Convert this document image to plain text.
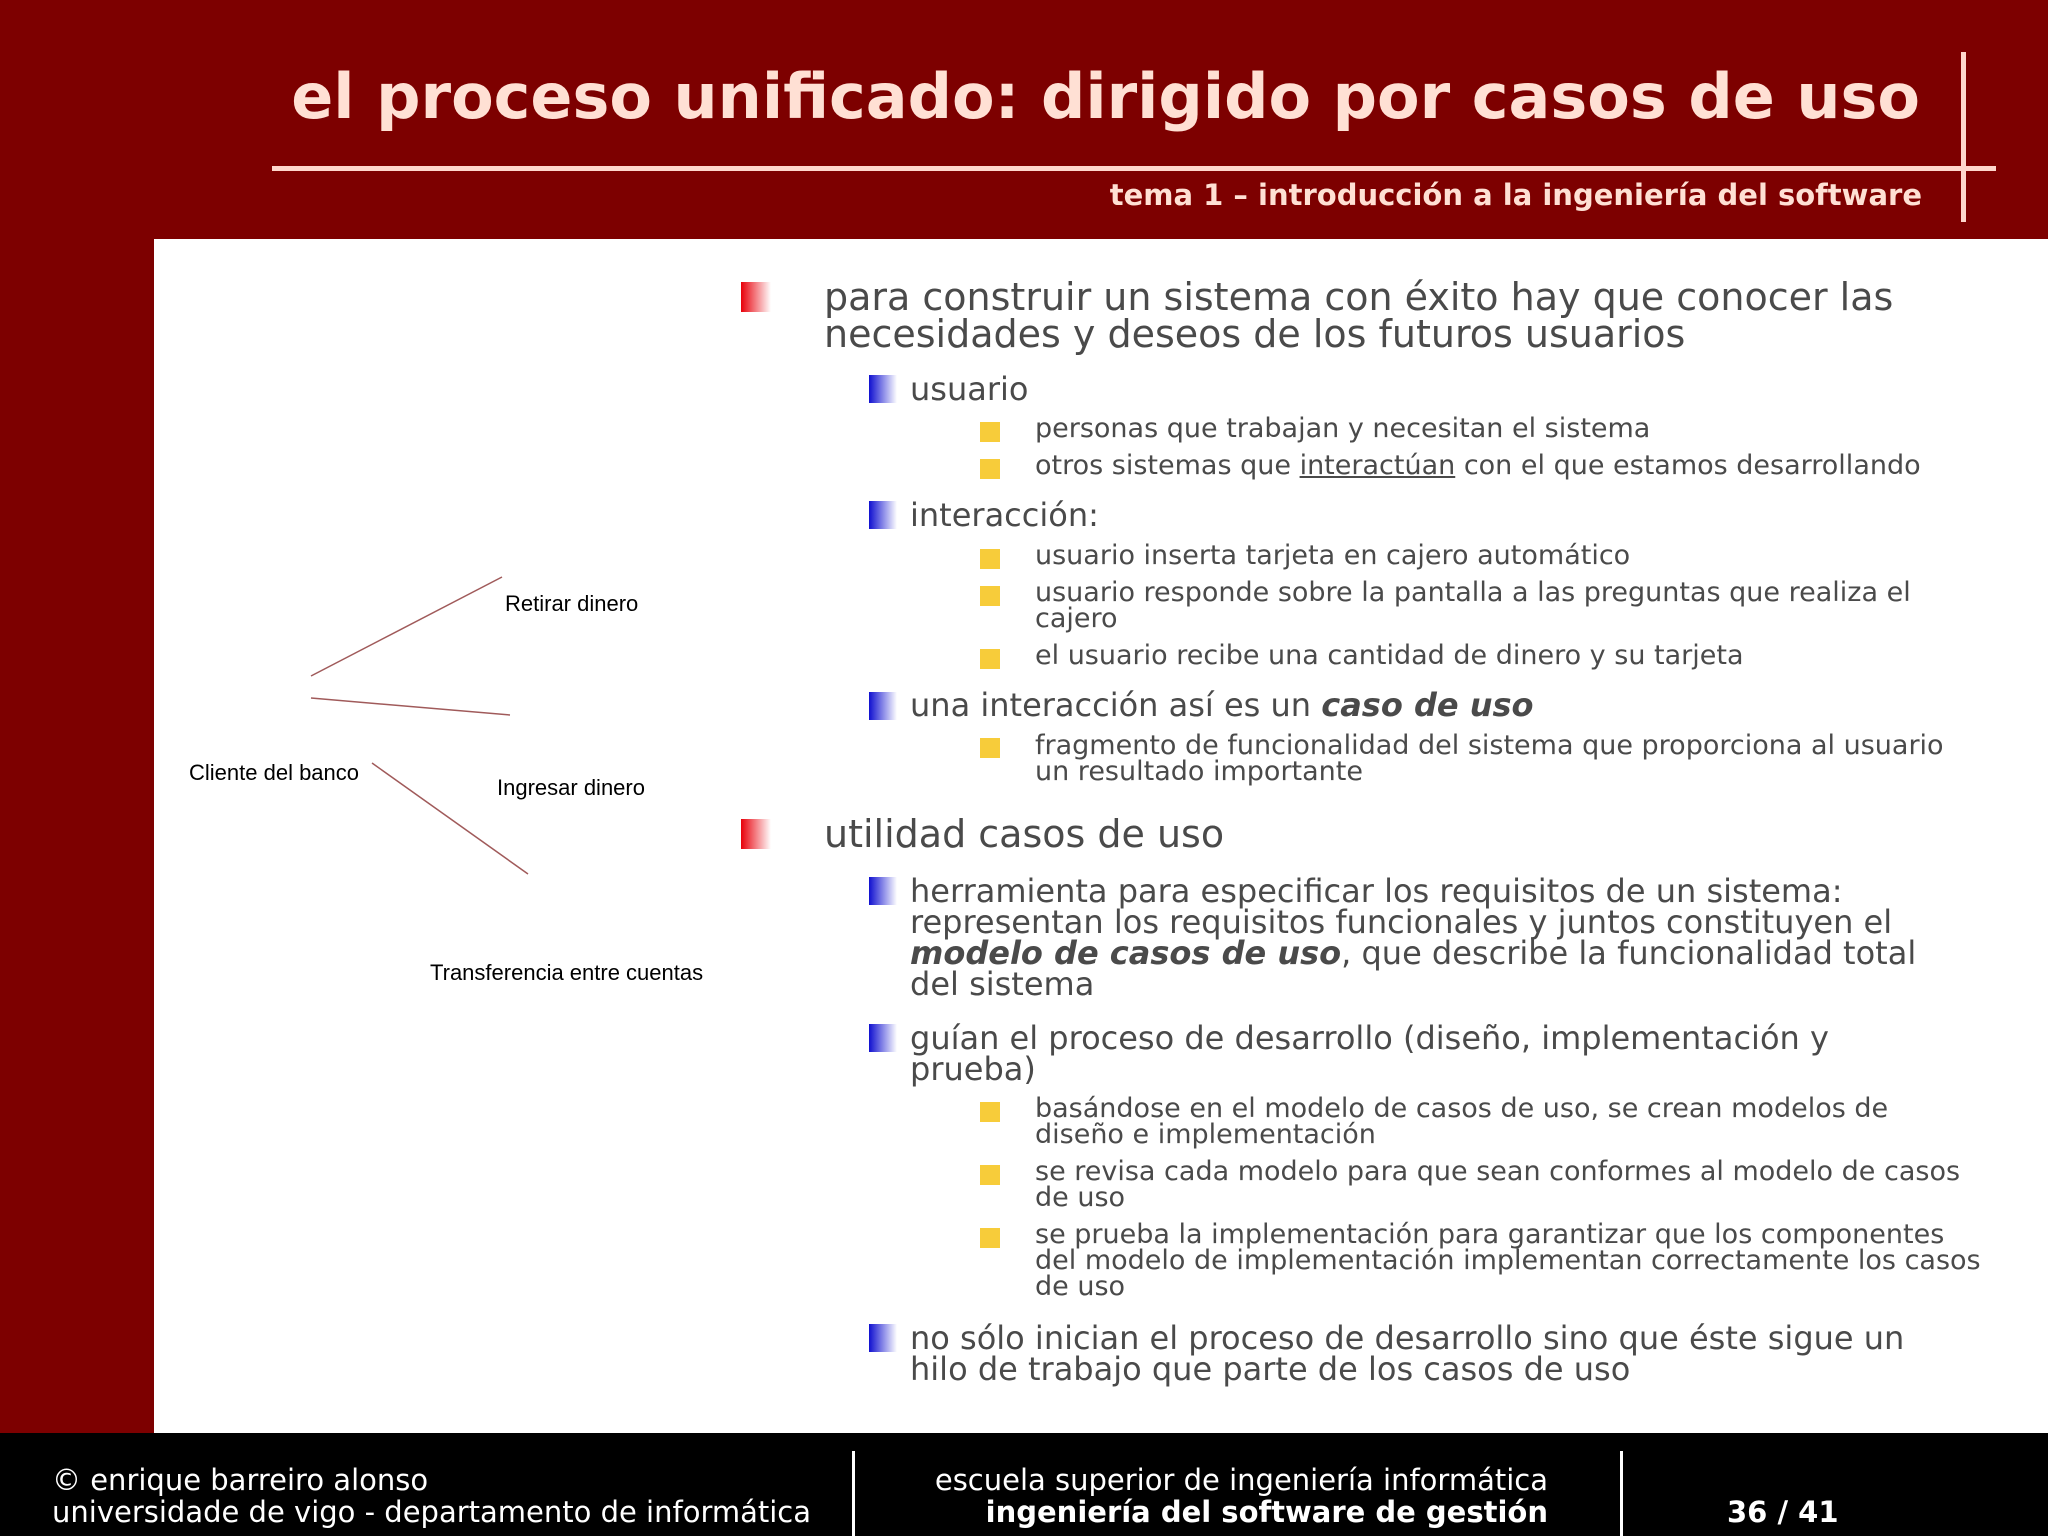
el proceso unificado: dirigido por casos de uso
tema 1 – introducción a la ingeniería del software
Cliente del banco
Retirar dinero
Ingresar dinero
Transferencia entre cuentas
para construir un sistema con éxito hay que conocer las
necesidades y deseos de los futuros usuarios
usuario
personas que trabajan y necesitan el sistema
otros sistemas que interactúan con el que estamos desarrollando
interacción:
usuario inserta tarjeta en cajero automático
usuario responde sobre la pantalla a las preguntas que realiza el
cajero
el usuario recibe una cantidad de dinero y su tarjeta
una interacción así es un caso de uso
fragmento de funcionalidad del sistema que proporciona al usuario
un resultado importante
utilidad casos de uso
herramienta para especificar los requisitos de un sistema:
representan los requisitos funcionales y juntos constituyen el
modelo de casos de uso, que describe la funcionalidad total
del sistema
guían el proceso de desarrollo (diseño, implementación y
prueba)
basándose en el modelo de casos de uso, se crean modelos de
diseño e implementación
se revisa cada modelo para que sean conformes al modelo de casos
de uso
se prueba la implementación para garantizar que los componentes
del modelo de implementación implementan correctamente los casos
de uso
no sólo inician el proceso de desarrollo sino que éste sigue un
hilo de trabajo que parte de los casos de uso
© enrique barreiro alonso
universidade de vigo - departamento de informática
escuela superior de ingeniería informática
ingeniería del software de gestión	36 / 41
